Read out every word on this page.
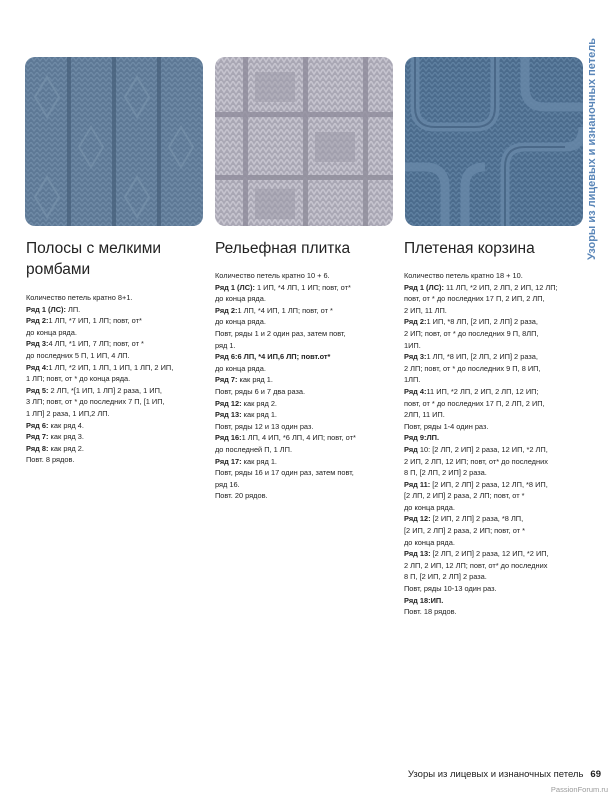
Узоры из лицевых и изнаночных петель
Полосы с мелкими ромбами

Количество петель кратно 8+1.

Ряд 1 (ЛС): ЛП.

Ряд 2:1 ЛП, *7 ИП, 1 ЛП; повт, от*

до конца ряда.

Ряд 3:4 ЛП, *1 ИП, 7 ЛП; повт, от *

до последних 5 П, 1 ИП, 4 ЛП.

Ряд 4:1 ЛП, *2 ИП, 1 ЛП, 1 ИП, 1 ЛП, 2 ИП,

1 ЛП; повт, от * до конца ряда.

Ряд 5: 2 ЛП, *[1 ИП, 1 ЛП] 2 раза, 1 ИП,

3 ЛП; повт, от * до последних 7 П, [1 ИП,

1 ЛП] 2 раза, 1 ИП,2 ЛП.

Ряд 6: как ряд 4.

Ряд 7: как ряд 3.

Ряд 8: как ряд 2.

Повт. 8 рядов.

Рельефная плитка

Количество петель кратно 10 + 6.

Ряд 1 (ЛС): 1 ИП, *4 ЛП, 1 ИП; повт, от*

до конца ряда.

Ряд 2:1 ЛП, *4 ИП, 1 ЛП; повт, от *

до конца ряда.

Повт, ряды 1 и 2 один раз, затем повт,

ряд 1.

Ряд 6:6 ЛП, *4 ИП,6 ЛП; повт.от*

до конца ряда.

Ряд 7: как ряд 1.

Повт, ряды 6 и 7 два раза.

Ряд 12: как ряд 2.

Ряд 13: как ряд 1.

Повт, ряды 12 и 13 один раз.

Ряд 16:1 ЛП, 4 ИП, *6 ЛП, 4 ИП; повт, от*

до последней П, 1 ЛП.

Ряд 17: как ряд 1.

Повт, ряды 16 и 17 один раз, затем повт,

ряд 16.

Повт. 20 рядов.

Плетеная корзина

Количество петель кратно 18 + 10.

Ряд 1 (ЛС): 11 ЛП, *2 ИП, 2 ЛП, 2 ИП, 12 ЛП;

повт, от * до последних 17 П, 2 ИП, 2 ЛП,

2 ИП, 11 ЛП.

Ряд 2:1 ИП, *8 ЛП, [2 ИП, 2 ЛП] 2 раза,

2 ИП; повт, от * до последних 9 П, 8ЛП,

1ИП.

Ряд 3:1 ЛП, *8 ИП, [2 ЛП, 2 ИП] 2 раза,

2 ЛП; повт, от * до последних 9 П, 8 ИП,

1ЛП.

Ряд 4:11 ИП, *2 ЛП, 2 ИП, 2 ЛП, 12 ИП;

повт, от * до последних 17 П, 2 ЛП, 2 ИП,

2ЛП, 11 ИП.

Повт, ряды 1-4 один раз.

Ряд 9:ЛП.

Ряд 10: [2 ЛП, 2 ИП] 2 раза, 12 ИП, *2 ЛП,

2 ИП, 2 ЛП, 12 ИП; повт, от* до последних

8 П, [2 ЛП, 2 ИП] 2 раза.

Ряд 11: [2 ИП, 2 ЛП] 2 раза, 12 ЛП, *8 ИП,

[2 ЛП, 2 ИП] 2 раза, 2 ЛП; повт, от *

до конца ряда.

Ряд 12: [2 ИП, 2 ЛП] 2 раза, *8 ЛП,

[2 ИП, 2 ЛП] 2 раза, 2 ИП; повт, от *

до конца ряда.

Ряд 13: [2 ЛП, 2 ИП] 2 раза, 12 ИП, *2 ИП,

2 ЛП, 2 ИП, 12 ЛП; повт, от* до последних

8 П, [2 ИП, 2 ЛП] 2 раза.

Повт, ряды 10-13 один раз.

Ряд 18:ИП.

Повт. 18 рядов.

Узоры из лицевых и изнаночных петель 69
PassionForum.ru
